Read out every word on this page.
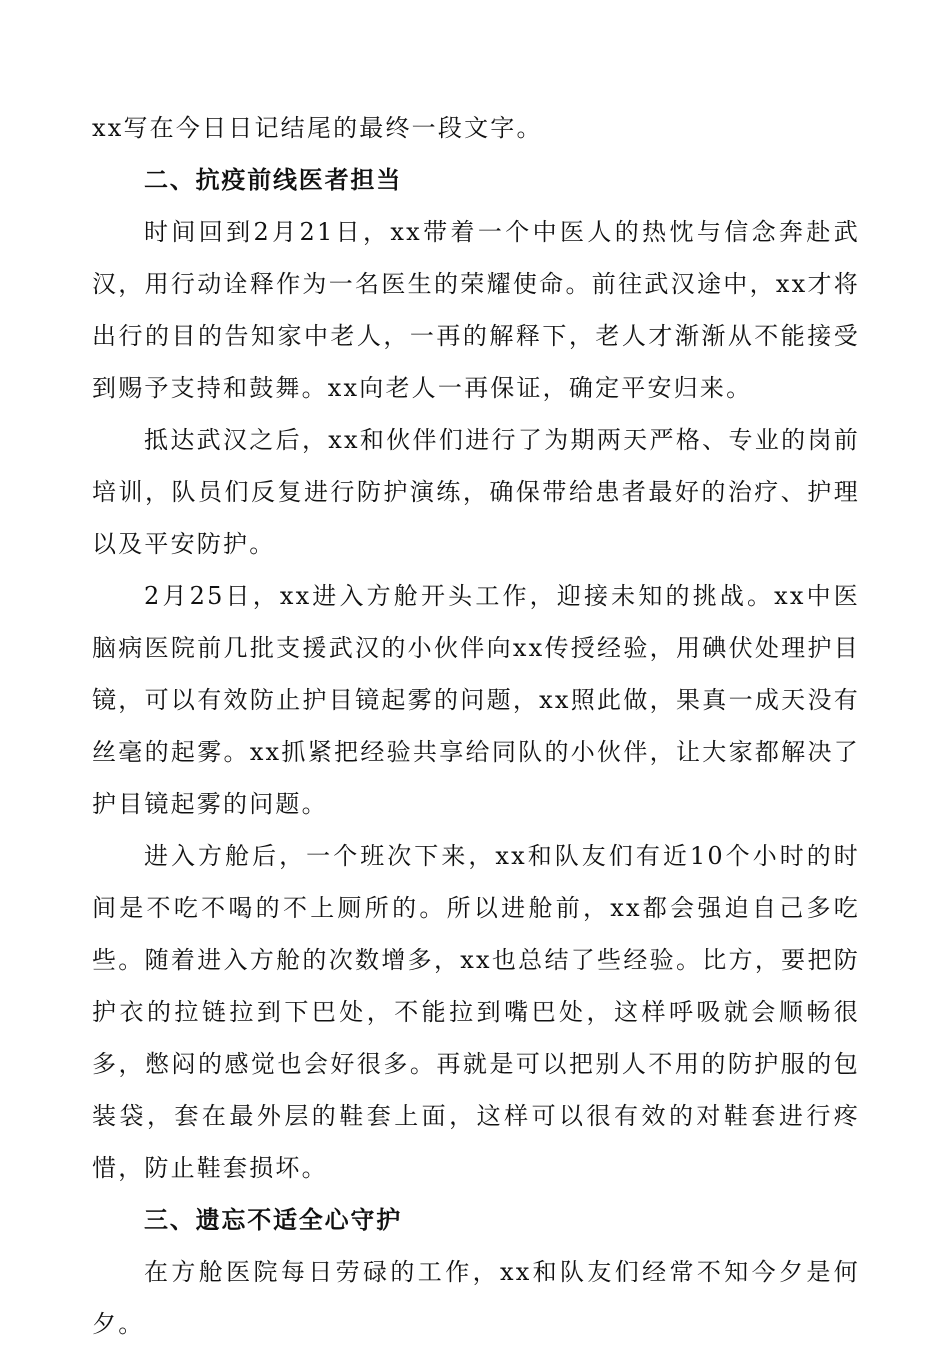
xx写在今日日记结尾的最终一段文字。

二、抗疫前线医者担当

时间回到2月21日，xx带着一个中医人的热忱与信念奔赴武汉，用行动诠释作为一名医生的荣耀使命。前往武汉途中，xx才将出行的目的告知家中老人，一再的解释下，老人才渐渐从不能接受到赐予支持和鼓舞。xx向老人一再保证，确定平安归来。

抵达武汉之后，xx和伙伴们进行了为期两天严格、专业的岗前培训，队员们反复进行防护演练，确保带给患者最好的治疗、护理以及平安防护。

2月25日，xx进入方舱开头工作，迎接未知的挑战。xx中医脑病医院前几批支援武汉的小伙伴向xx传授经验，用碘伏处理护目镜，可以有效防止护目镜起雾的问题，xx照此做，果真一成天没有丝毫的起雾。xx抓紧把经验共享给同队的小伙伴，让大家都解决了护目镜起雾的问题。

进入方舱后，一个班次下来，xx和队友们有近10个小时的时间是不吃不喝的不上厕所的。所以进舱前，xx都会强迫自己多吃些。随着进入方舱的次数增多，xx也总结了些经验。比方，要把防护衣的拉链拉到下巴处，不能拉到嘴巴处，这样呼吸就会顺畅很多，憋闷的感觉也会好很多。再就是可以把别人不用的防护服的包装袋，套在最外层的鞋套上面，这样可以很有效的对鞋套进行疼惜，防止鞋套损坏。

三、遗忘不适全心守护

在方舱医院每日劳碌的工作，xx和队友们经常不知今夕是何夕。
